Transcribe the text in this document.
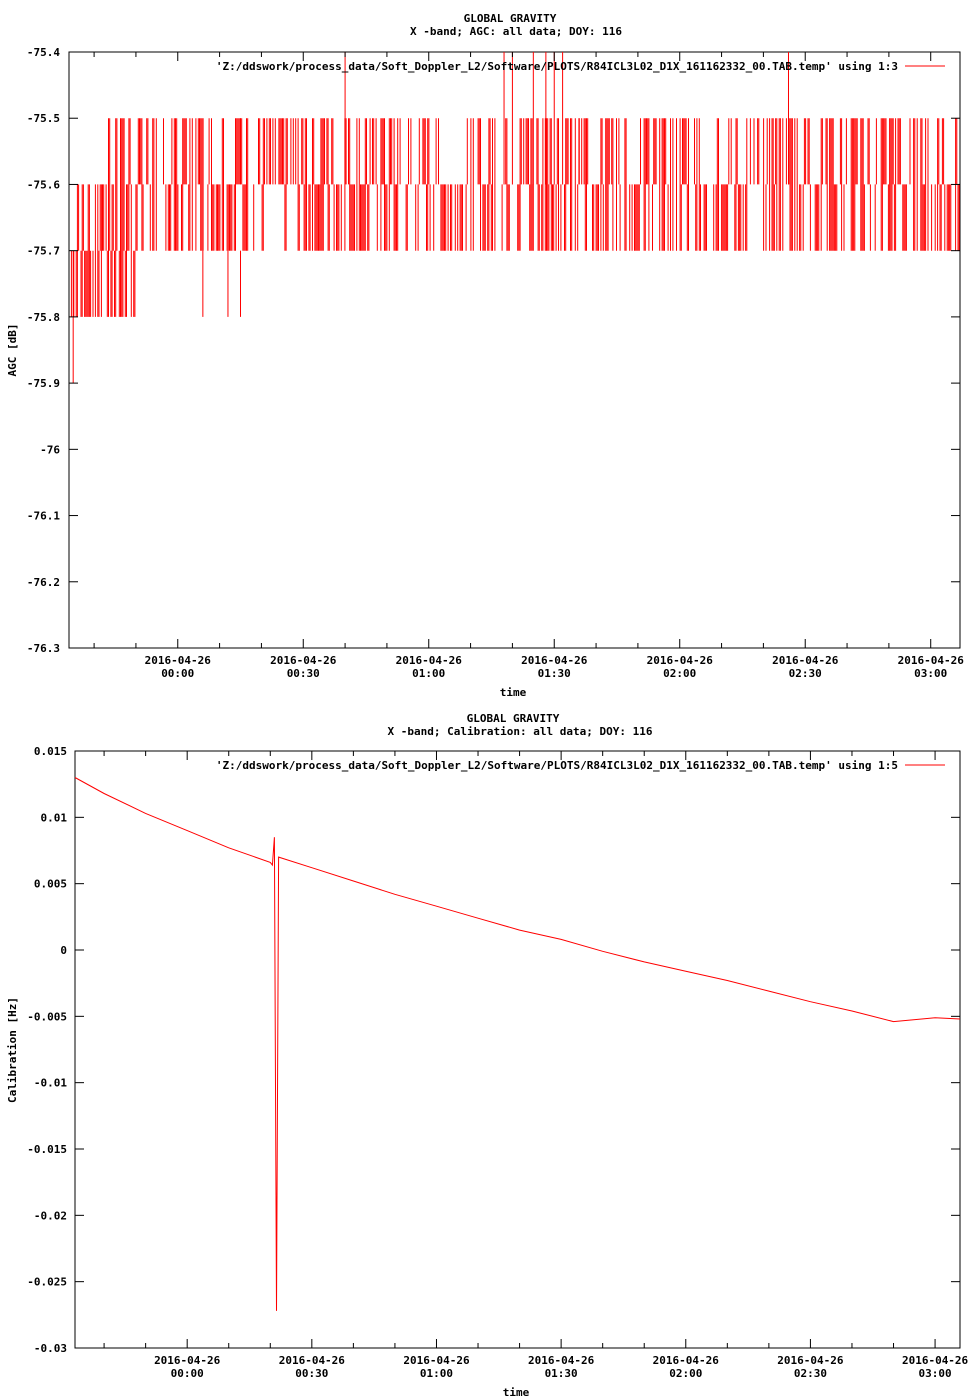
GLOBAL GRAVITY
X -band; AGC: all data; DOY: 116
-75.4
-75.5
-75.6
-75.7
-75.8
-75.9
-76
-76.1
-76.2
-76.3
2016-04-26
00:00
2016-04-26
00:30
2016-04-26
01:00
2016-04-26
01:30
2016-04-26
02:00
2016-04-26
02:30
2016-04-26
03:00
AGC [dB]
time
'Z:/ddswork/process_data/Soft_Doppler_L2/Software/PLOTS/R84ICL3L02_D1X_161162332_00.TAB.temp' using 1:3
GLOBAL GRAVITY
X -band; Calibration: all data; DOY: 116
0.015
0.01
0.005
0
-0.005
-0.01
-0.015
-0.02
-0.025
-0.03
2016-04-26
00:00
2016-04-26
00:30
2016-04-26
01:00
2016-04-26
01:30
2016-04-26
02:00
2016-04-26
02:30
2016-04-26
03:00
Calibration [Hz]
time
'Z:/ddswork/process_data/Soft_Doppler_L2/Software/PLOTS/R84ICL3L02_D1X_161162332_00.TAB.temp' using 1:5
